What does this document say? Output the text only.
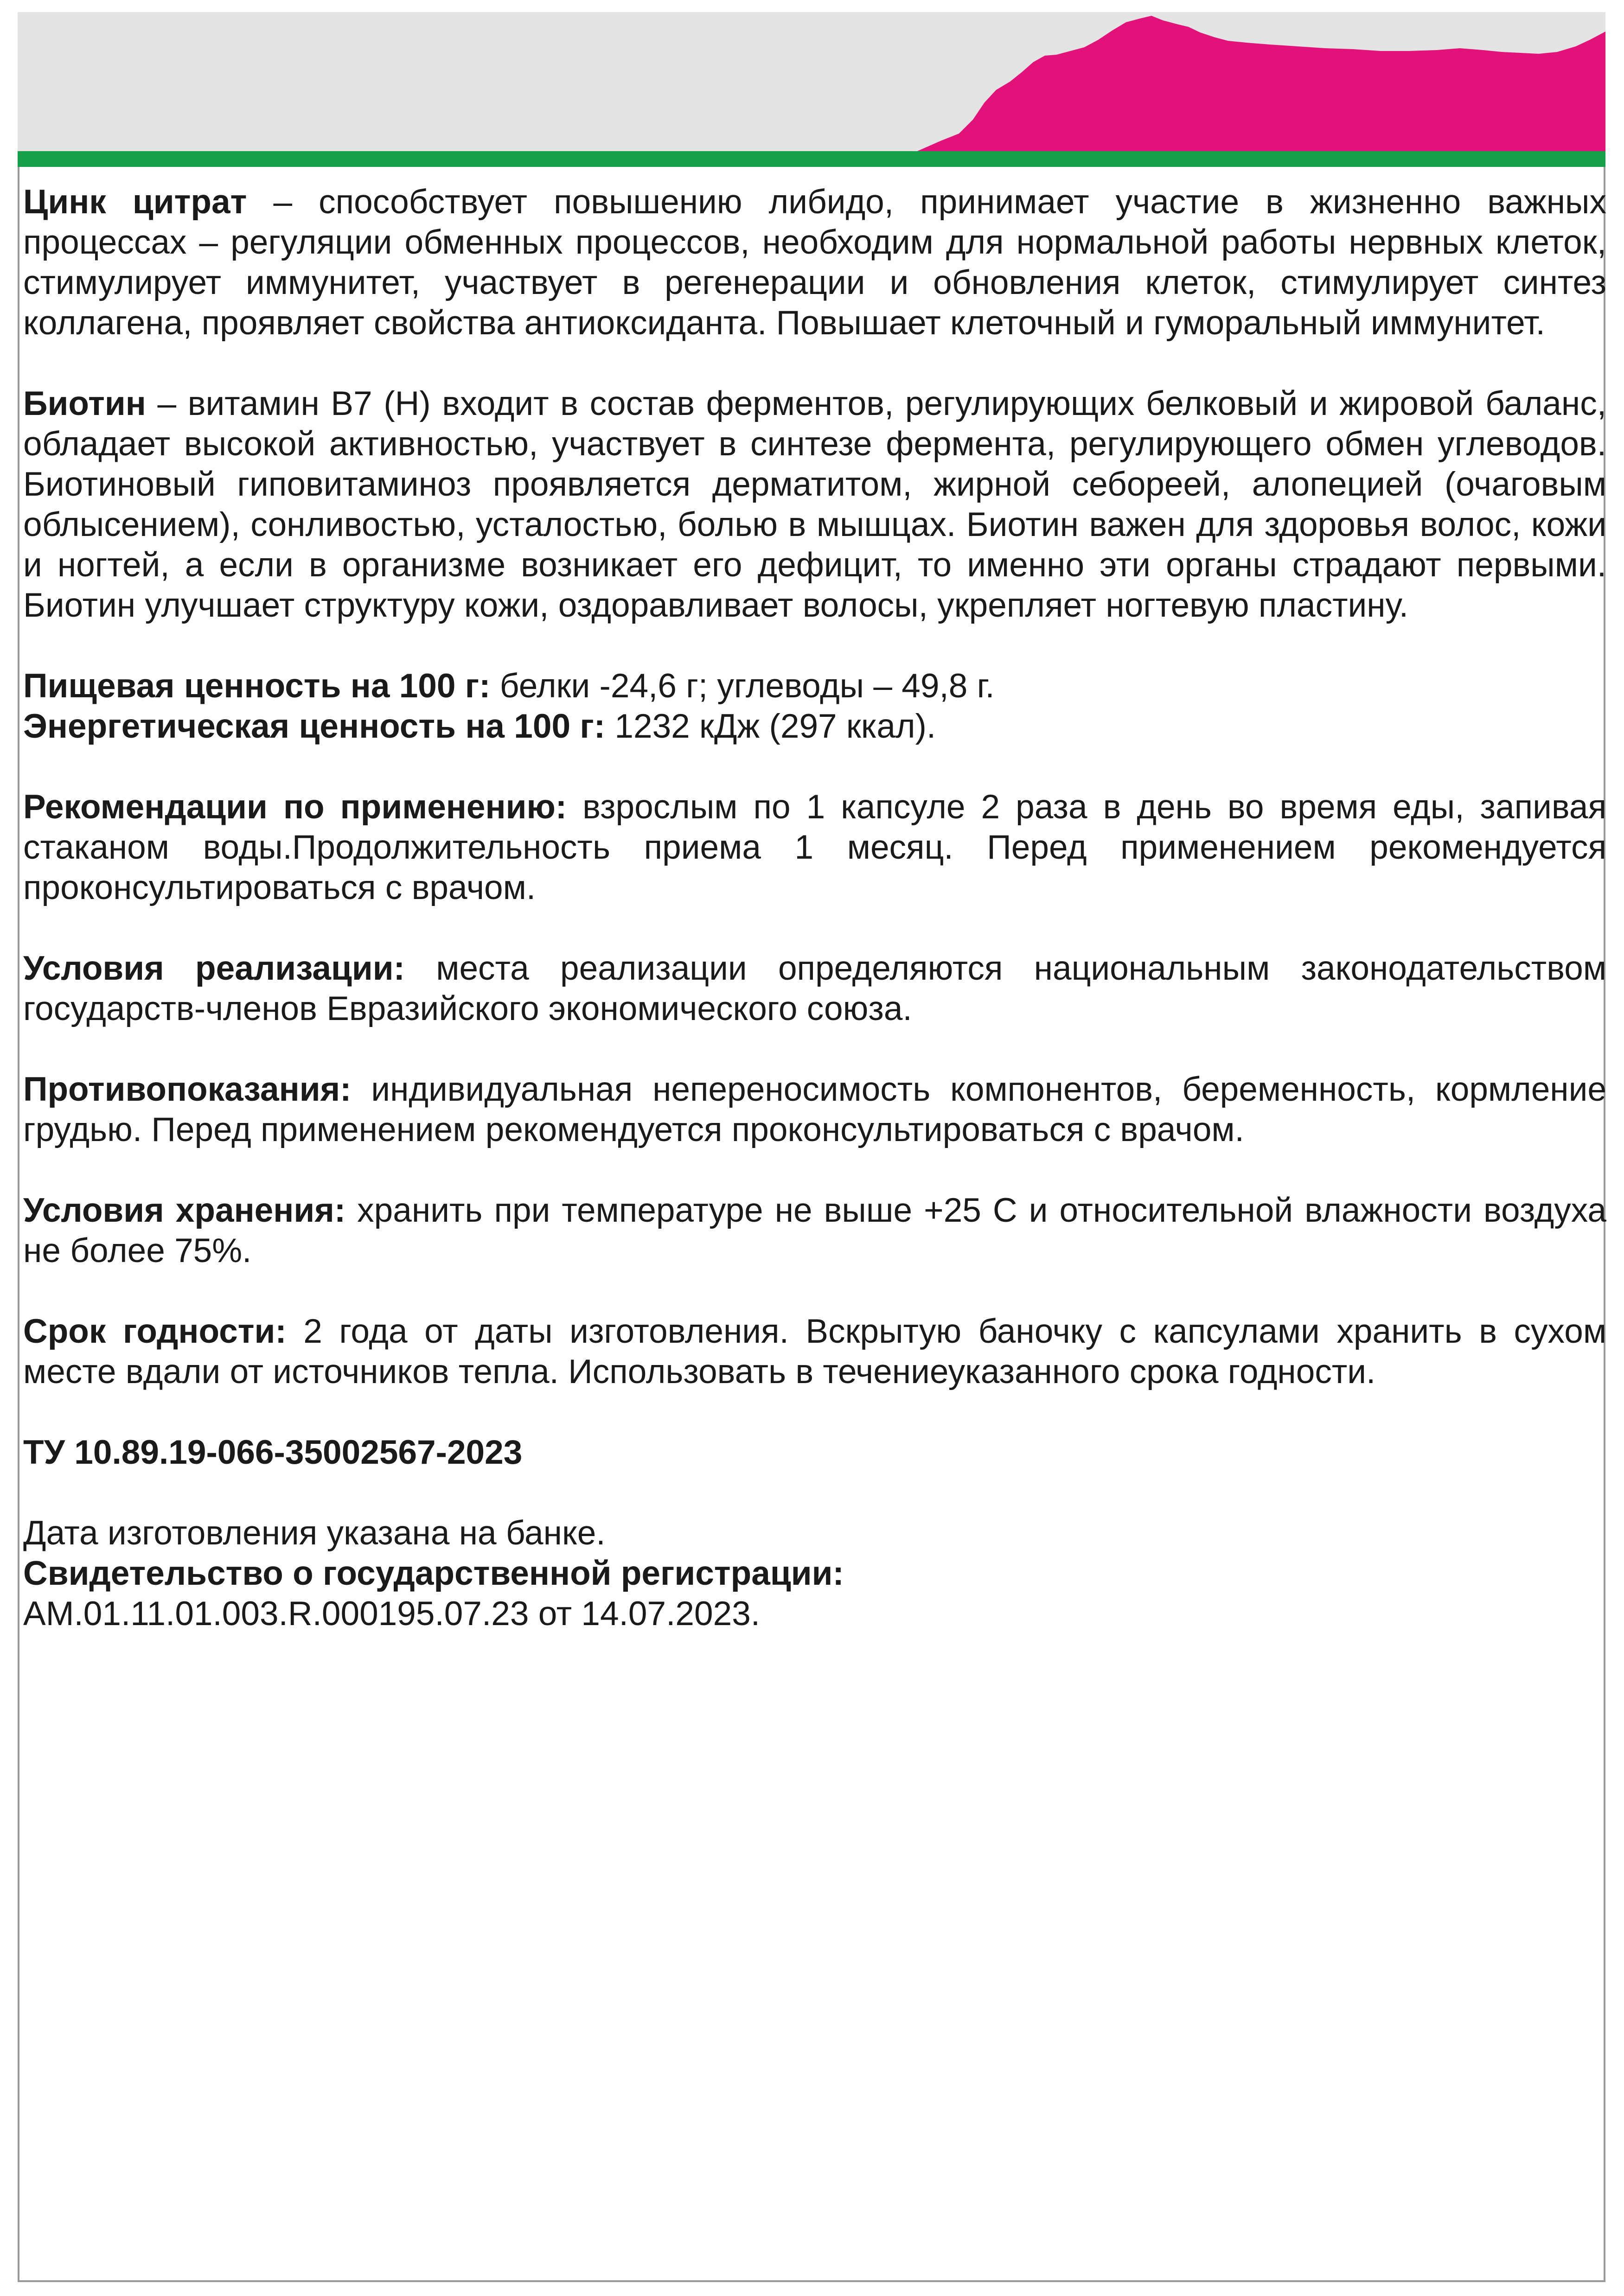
Цинк цитрат – способствует повышению либидо, принимает участие в жизненно важных процессах – регуляции обменных процессов, необходим для нормальной работы нервных клеток, стимулирует иммунитет, участвует в регенерации и обновления клеток, стимулирует синтез коллагена, проявляет свойства антиоксиданта. Повышает клеточный и гуморальный иммунитет.

Биотин – витамин В7 (Н) входит в состав ферментов, регулирующих белковый и жировой баланс, обладает высокой активностью, участвует в синтезе фермента, регулирующего обмен углеводов. Биотиновый гиповитаминоз проявляется дерматитом, жирной себореей, алопецией (очаговым облысением), сонливостью, усталостью, болью в мышцах. Биотин важен для здоровья волос, кожи и ногтей, а если в организме возникает его дефицит, то именно эти органы страдают первыми. Биотин улучшает структуру кожи, оздоравливает волосы, укрепляет ногтевую пластину.

Пищевая ценность на 100 г: белки -24,6 г; углеводы – 49,8 г.

Энергетическая ценность на 100 г: 1232 кДж (297 ккал).

Рекомендации по применению: взрослым по 1 капсуле 2 раза в день во время еды, запивая стаканом воды.Продолжительность приема 1 месяц. Перед применением рекомендуется проконсультироваться с врачом.

Условия реализации: места реализации определяются национальным законодательством государств-членов Евразийского экономического союза.

Противопоказания: индивидуальная непереносимость компонентов, беременность, кормление грудью. Перед применением рекомендуется проконсультироваться с врачом.

Условия хранения: хранить при температуре не выше +25 С и относительной влажности воздуха не более 75%.

Срок годности: 2 года от даты изготовления. Вскрытую баночку с капсулами хранить в сухом месте вдали от источников тепла. Использовать в течениеуказанного срока годности.

ТУ 10.89.19-066-35002567-2023

Дата изготовления указана на банке.

Свидетельство о государственной регистрации:

АМ.01.11.01.003.R.000195.07.23 от 14.07.2023.
